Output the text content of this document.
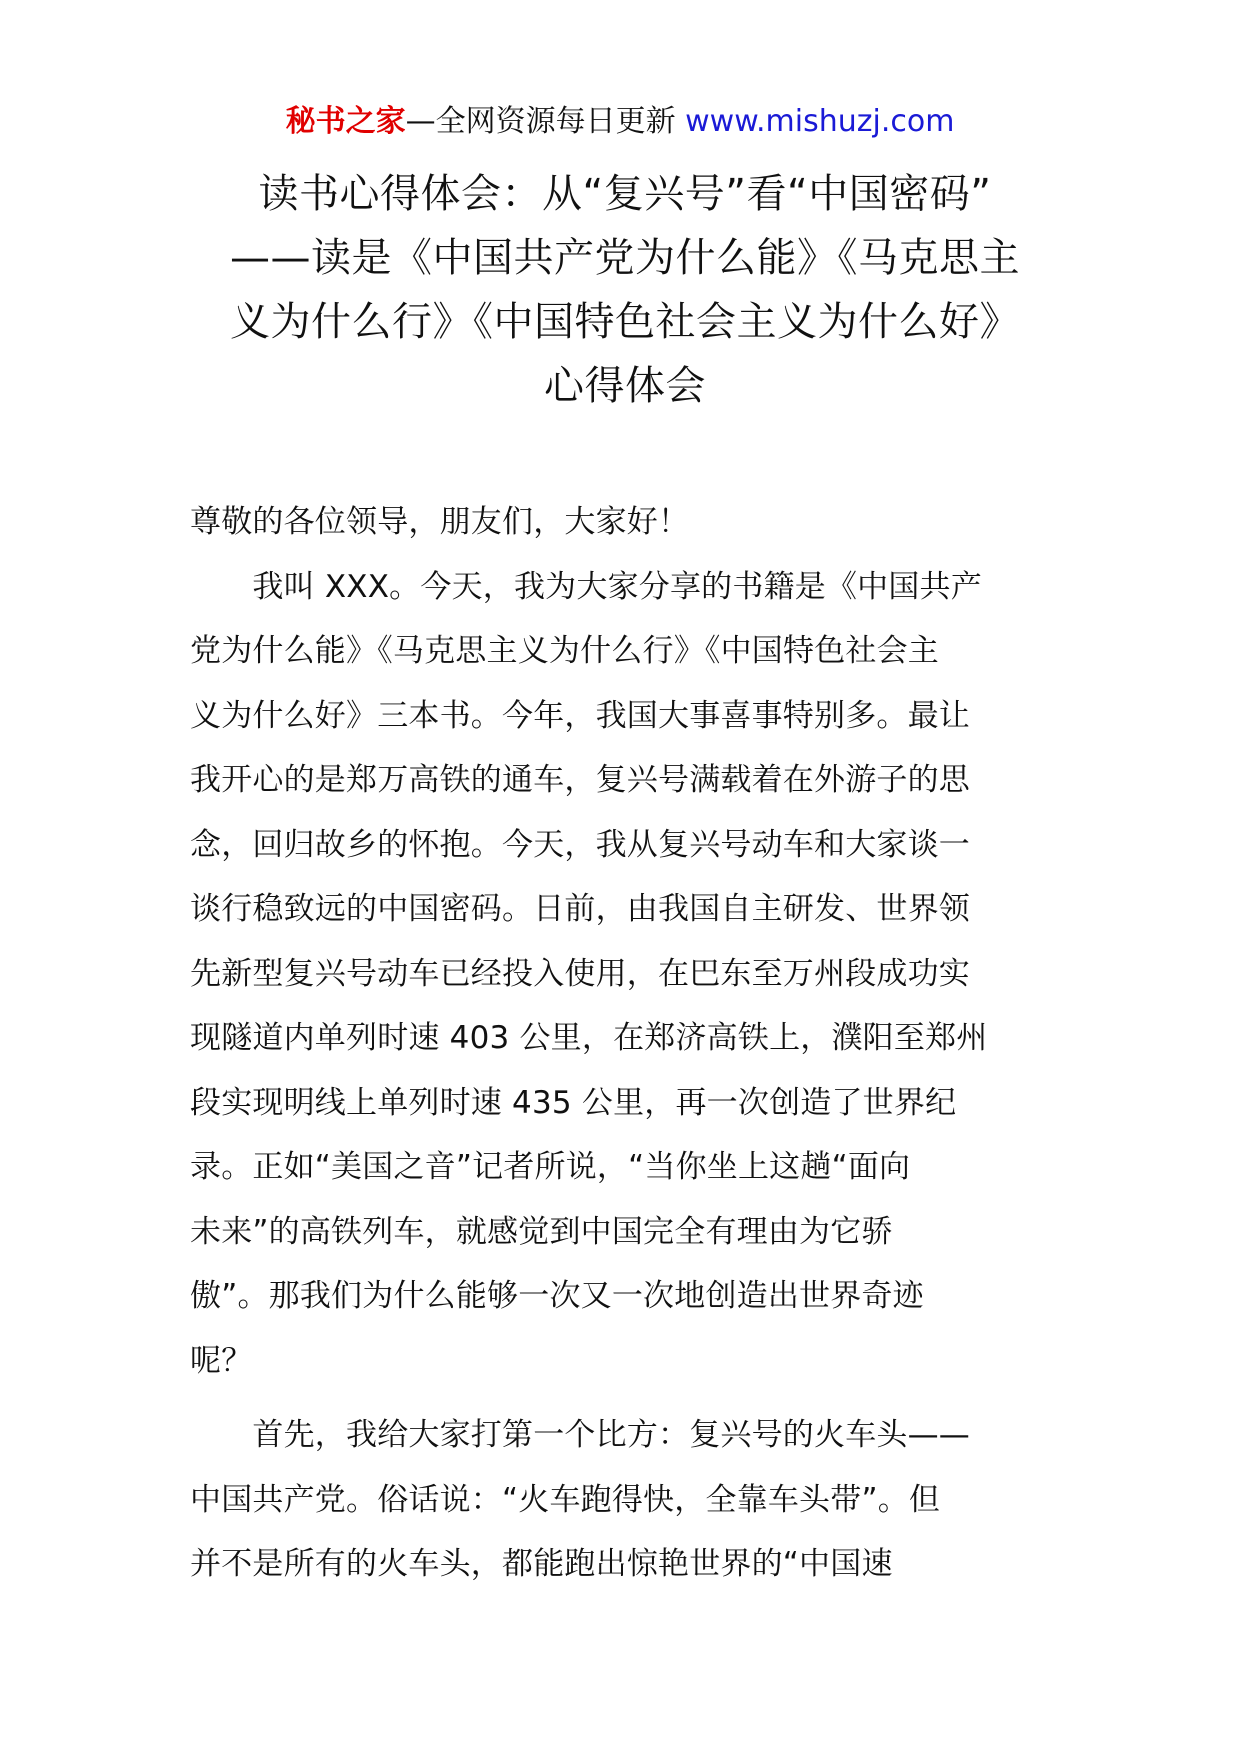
秘书之家—全网资源每日更新 www.mishuzj.com
读书心得体会：从“复兴号”看“中国密码”
——读是《中国共产党为什么能》《马克思主
义为什么行》《中国特色社会主义为什么好》
心得体会
尊敬的各位领导，朋友们，大家好！
　　我叫 XXX。今天，我为大家分享的书籍是《中国共产
党为什么能》《马克思主义为什么行》《中国特色社会主
义为什么好》三本书。今年，我国大事喜事特别多。最让
我开心的是郑万高铁的通车，复兴号满载着在外游子的思
念，回归故乡的怀抱。今天，我从复兴号动车和大家谈一
谈行稳致远的中国密码。日前，由我国自主研发、世界领
先新型复兴号动车已经投入使用，在巴东至万州段成功实
现隧道内单列时速 403 公里，在郑济高铁上，濮阳至郑州
段实现明线上单列时速 435 公里，再一次创造了世界纪
录。正如“美国之音”记者所说，“当你坐上这趟“面向
未来”的高铁列车，就感觉到中国完全有理由为它骄
傲”。那我们为什么能够一次又一次地创造出世界奇迹
呢？
　　首先，我给大家打第一个比方：复兴号的火车头——
中国共产党。俗话说：“火车跑得快，全靠车头带”。但
并不是所有的火车头，都能跑出惊艳世界的“中国速
